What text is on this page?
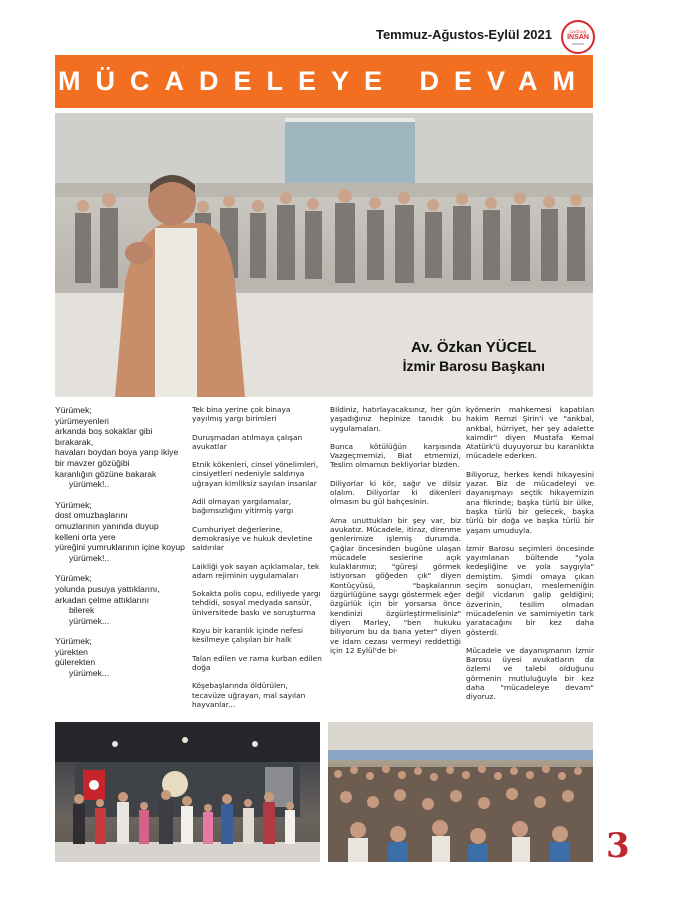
Temmuz-Ağustos-Eylül 2021	ÇAĞDAŞ
İNSAN
HUKUKU
MÜCADELEYE DEVAM
Av. Özkan YÜCEL
İzmir Barosu Başkanı
Yürümek;
yürümeyenleri
arkanda boş sokaklar gibi
bırakarak,
havaları boydan boya yarıp ikiye
bir mavzer gözüğibi
karanlığın gözüne bakarak
yürümek!..
Yürümek;
dost omuzbaşlarını
omuzlarının yanında duyup
kelleni orta yere
yüreğini yumruklarının içine koyup
yürümek!..
Yürümek;
yolunda pusuya yattıklarını,
arkadan çelme attıklarını
bilerek
yürümek...
Yürümek;
yürekten
gülerekten
yürümek...

Tek bina yerine çok binaya yayılmış yargı birimleri

Duruşmadan atılmaya çalışan avukatlar

Etnik kökenleri, cinsel yönelimleri, cinsiyetleri nedeniyle saldırıya uğrayan kimliksiz sayılan insanlar

Adil olmayan yargılamalar, bağımsızlığını yitirmiş yargı

Cumhuriyet değerlerine, demokrasiye ve hukuk devletine saldırılar

Laikliği yok sayan açıklamalar, tek adam rejiminin uygulamaları

Sokakta polis copu, ediliyede yargı tehdidi, sosyal medyada sansür, üniversitede baskı ve soruşturma

Koyu bir karanlık içinde nefesi kesilmeye çalışılan bir halk

Talan edilen ve rama kurban edilen doğa

Köşebaşlarında öldürülen, tecavüze uğrayan, mal sayılan hayvanlar...

Bildiniz, hatırlayacaksınız, her gün yaşadığınız hepinize tanıdık bu uygulamaları.

Bunca kötülüğün karşısında Vazgeçmemizi, Biat etmemizi, Teslim olmamızı bekliyorlar bizden.

Diliyorlar ki kör, sağır ve dilsiz olalım. Diliyorlar ki dikenleri olmasın bu gül bahçesinin.

Ama unuttukları bir şey var, biz avukatız. Mücadele, itiraz, direnme genlerimize işlemiş durumda. Çağlar öncesinden bugüne ulaşan mücadele seslerine açık kulaklarımız; "güreşi görmek istiyorsan göğeden çık" diyen Kontüçyüsü, "başkalarının özgürlüğüne saygı göstermek eğer özgürlük için bir yorsarsa önce kendinizi özgürleştirmelisiniz" diyen Marley, "ben hukuku biliyorum bu da bana yeter" diyen ve idam cezası vermeyi reddettiği için 12 Eylül'de bi-

kyömerin mahkemesi kapatılan hakim Remzi Şirin'i ve "ankbal, ankbal, hürriyet, her şey adalette kaimdir" diyen Mustafa Kemal Atatürk'ü duyuyoruz bu karanlıkta mücadele ederken.

Biliyoruz, herkes kendi hikayesini yazar. Biz de mücadeleyi ve dayanışmayı seçtik hikayemizin ana fikrinde; başka türlü bir ülke, başka türlü bir gelecek, başka türlü bir doğa ve başka türlü bir yaşam umuduyla.

İzmir Barosu seçimleri öncesinde yayımlanan bültende "yola kedeşliğine ve yola saygıyla" demiştim. Şimdi omaya çıkan seçim sonuçları, meslemeniğin değil vicdanın galip geldiğini; özverinin, tesilim olmadan mücadelenin ve samimiyetin tark yaratacağını bir kez daha gösterdi.

Mücadele ve dayanışmanın İzmir Barosu üyesi avukatların da özlemi ve talebi olduğunu görmenin mutluluğuyla bir kez daha "mücadeleye devam" diyoruz.

3
